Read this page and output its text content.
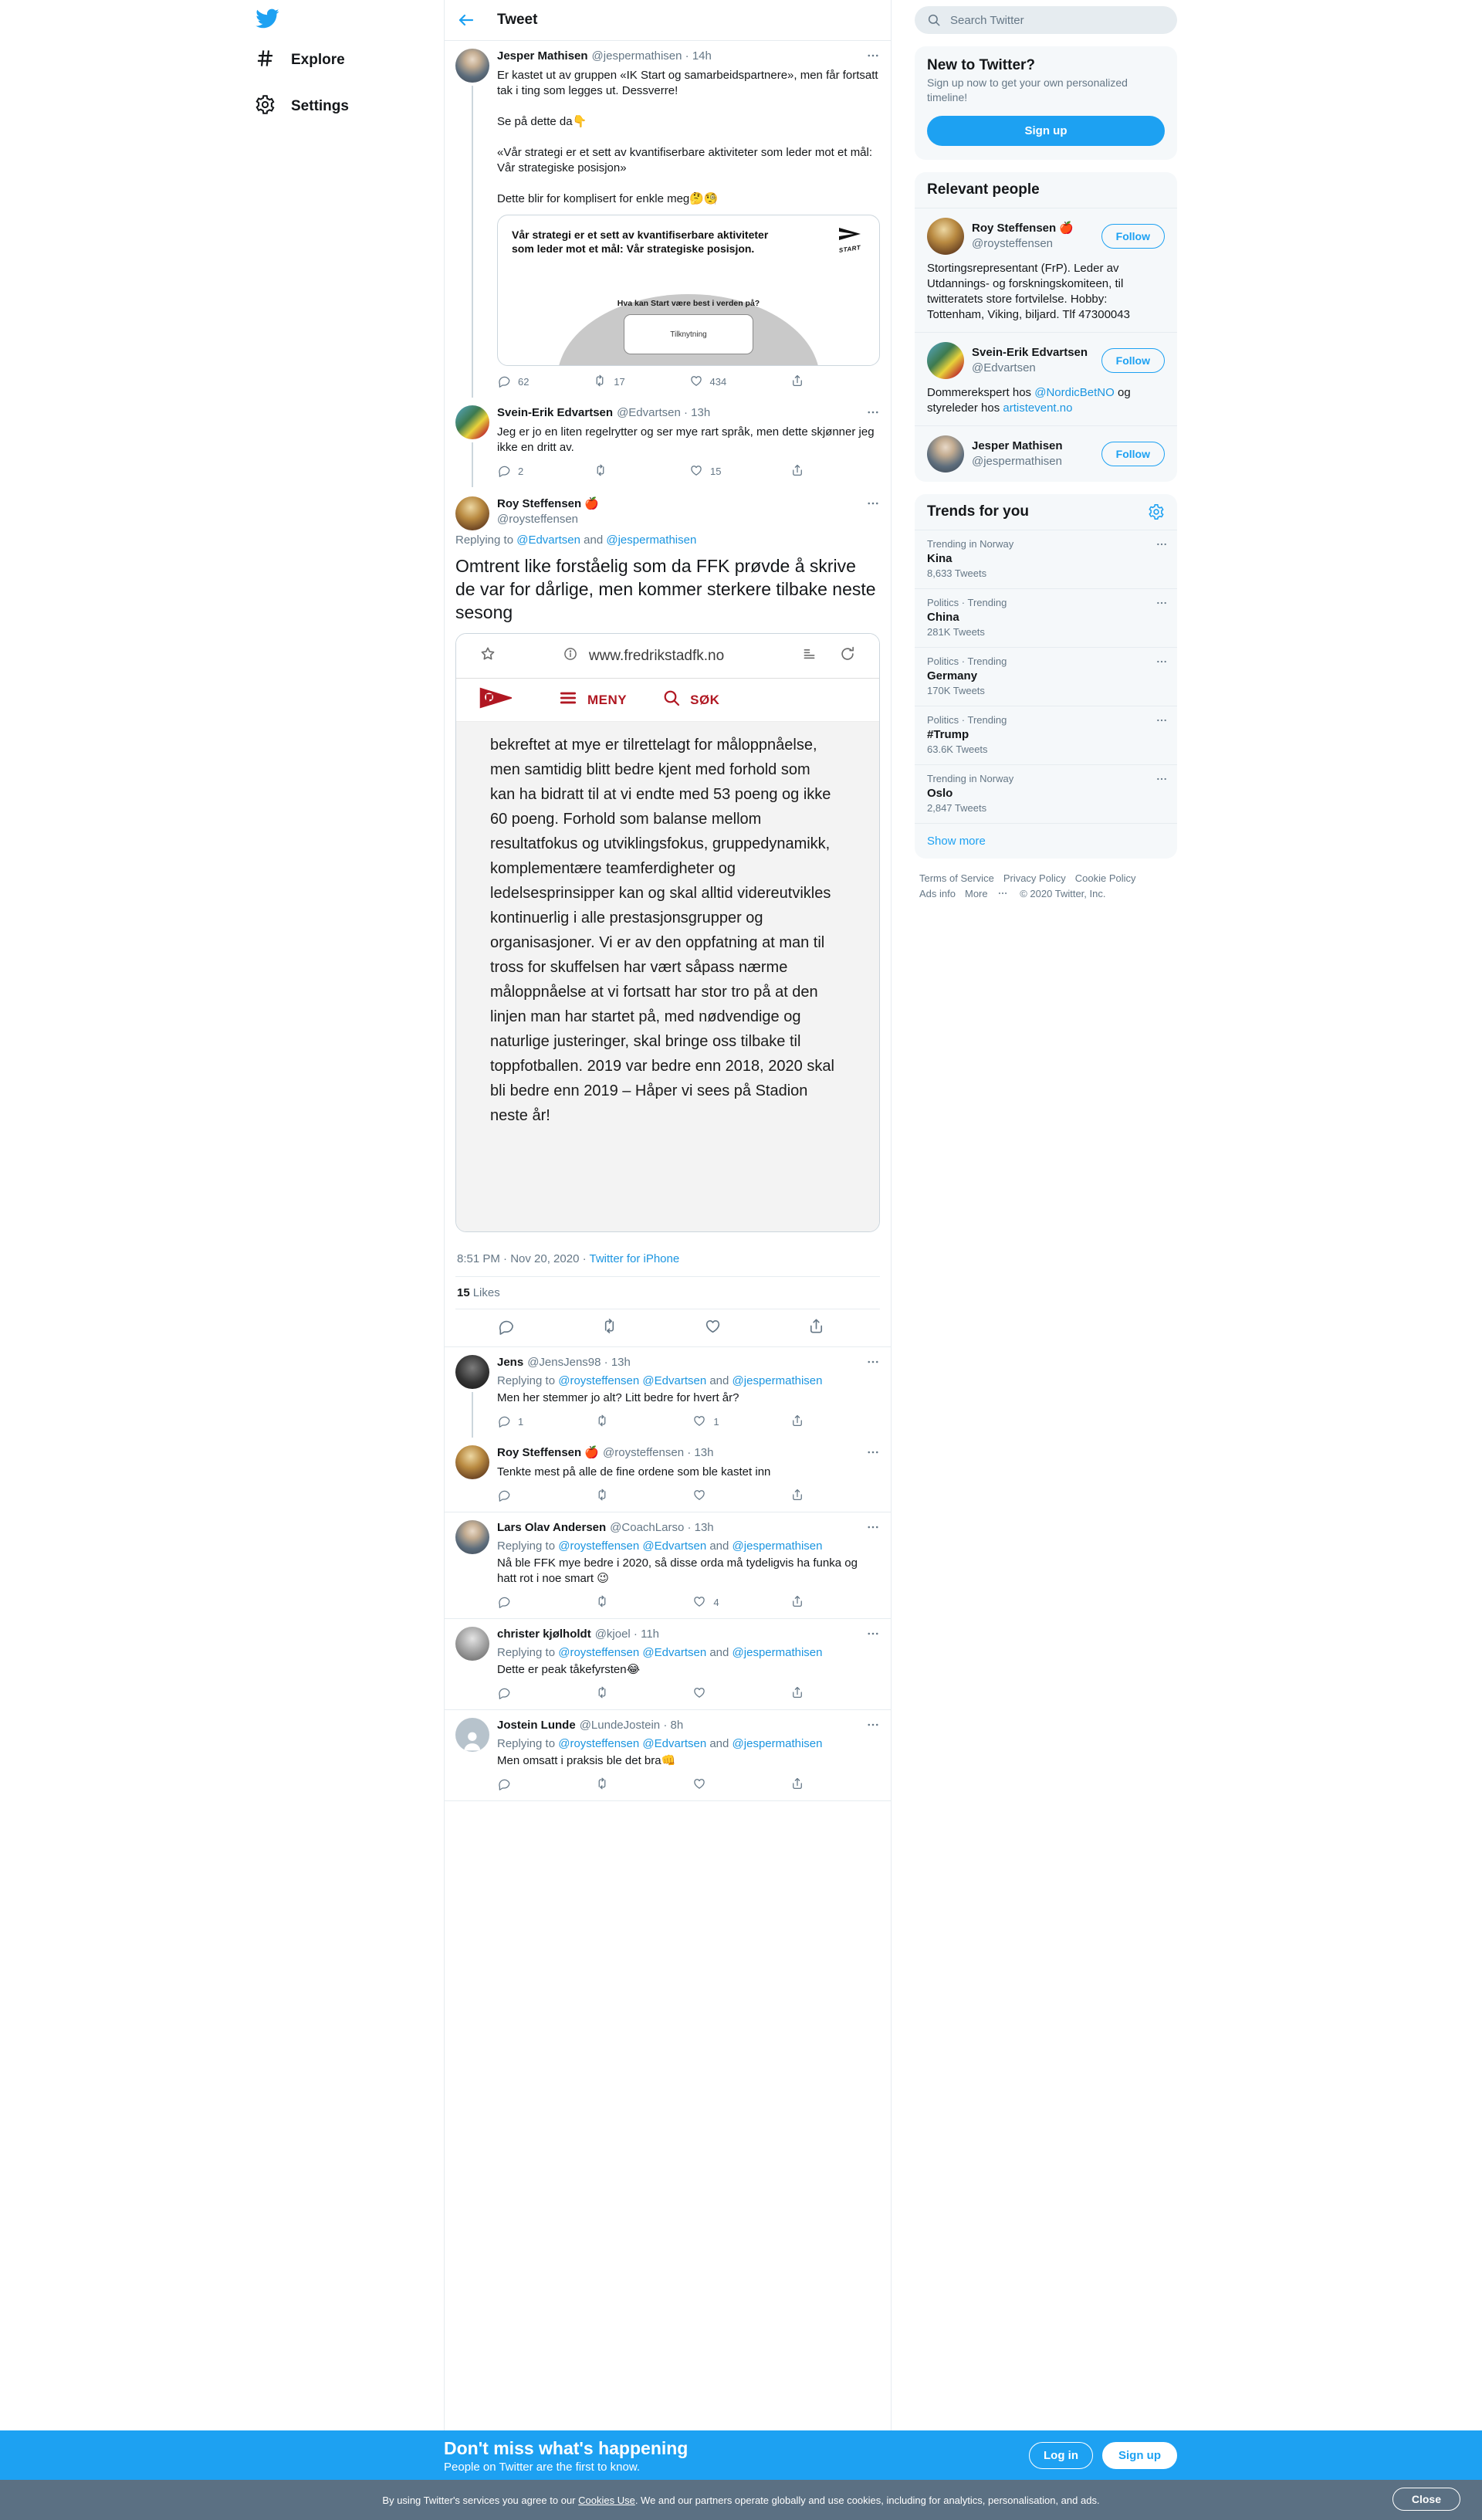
Explore
Settings
Tweet
Jesper Mathisen @jespermathisen · 14h
Er kastet ut av gruppen «IK Start og samarbeidspartnere», men får fortsatt tak i ting som legges ut. Dessverre!

Se på dette da👇

«Vår strategi er et sett av kvantifiserbare aktiviteter som leder mot et mål: Vår strategiske posisjon»

Dette blir for komplisert for enkle meg🤔🧐
Vår strategi er et sett av kvantifiserbare aktiviteter som leder mot et mål: Vår strategiske posisjon.	START
Hva kan Start være best i verden på?
Tilknytning
62	17	434
Svein-Erik Edvartsen @Edvartsen · 13h
Jeg er jo en liten regelrytter og ser mye rart språk, men dette skjønner jeg ikke en dritt av.
2	15
Roy Steffensen 🍎
@roysteffensen
Replying to @Edvartsen and @jespermathisen
Omtrent like forståelig som da FFK prøvde å skrive de var for dårlige, men kommer sterkere tilbake neste sesong
www.fredrikstadfk.no
F	MENY	SØK
bekreftet at mye er tilrettelagt for måloppnåelse, men samtidig blitt bedre kjent med forhold som kan ha bidratt til at vi endte med 53 poeng og ikke 60 poeng. Forhold som balanse mellom resultatfokus og utviklingsfokus, gruppedynamikk, komplementære teamferdigheter og ledelsesprinsipper kan og skal alltid videreutvikles kontinuerlig i alle prestasjonsgrupper og organisasjoner. Vi er av den oppfatning at man til tross for skuffelsen har vært såpass nærme måloppnåelse at vi fortsatt har stor tro på at den linjen man har startet på, med nødvendige og naturlige justeringer, skal bringe oss tilbake til toppfotballen. 2019 var bedre enn 2018, 2020 skal bli bedre enn 2019 – Håper vi sees på Stadion neste år!
8:51 PM · Nov 20, 2020 · Twitter for iPhone
15 Likes
Jens @JensJens98 · 13h
Replying to @roysteffensen @Edvartsen and @jespermathisen
Men her stemmer jo alt? Litt bedre for hvert år?
1	1
Roy Steffensen 🍎 @roysteffensen · 13h
Tenkte mest på alle de fine ordene som ble kastet inn
Lars Olav Andersen @CoachLarso · 13h
Replying to @roysteffensen @Edvartsen and @jespermathisen
Nå ble FFK mye bedre i 2020, så disse orda må tydeligvis ha funka og hatt rot i noe smart 😉
4
christer kjølholdt @kjoel · 11h
Replying to @roysteffensen @Edvartsen and @jespermathisen
Dette er peak tåkefyrsten😂
Jostein Lunde @LundeJostein · 8h
Replying to @roysteffensen @Edvartsen and @jespermathisen
Men omsatt i praksis ble det bra👊
Search Twitter
New to Twitter?
Sign up now to get your own personalized timeline!
Sign up
Relevant people
Roy Steffensen 🍎
@roysteffensen
Follow
Stortingsrepresentant (FrP). Leder av Utdannings- og forskningskomiteen, til twitteratets store fortvilelse. Hobby: Tottenham, Viking, biljard. Tlf 47300043
Svein-Erik Edvartsen
@Edvartsen
Follow
Dommerekspert hos @NordicBetNO og styreleder hos artistevent.no
Jesper Mathisen
@jespermathisen
Follow
Trends for you
Trending in Norway
Kina
8,633 Tweets
Politics · Trending
China
281K Tweets
Politics · Trending
Germany
170K Tweets
Politics · Trending
#Trump
63.6K Tweets
Trending in Norway
Oslo
2,847 Tweets
Show more
Terms of Service Privacy Policy Cookie PolicyAds info More	© 2020 Twitter, Inc.
Don't miss what's happening
People on Twitter are the first to know.
Log in	Sign up
By using Twitter's services you agree to our Cookies Use. We and our partners operate globally and use cookies, including for analytics, personalisation, and ads.	Close
